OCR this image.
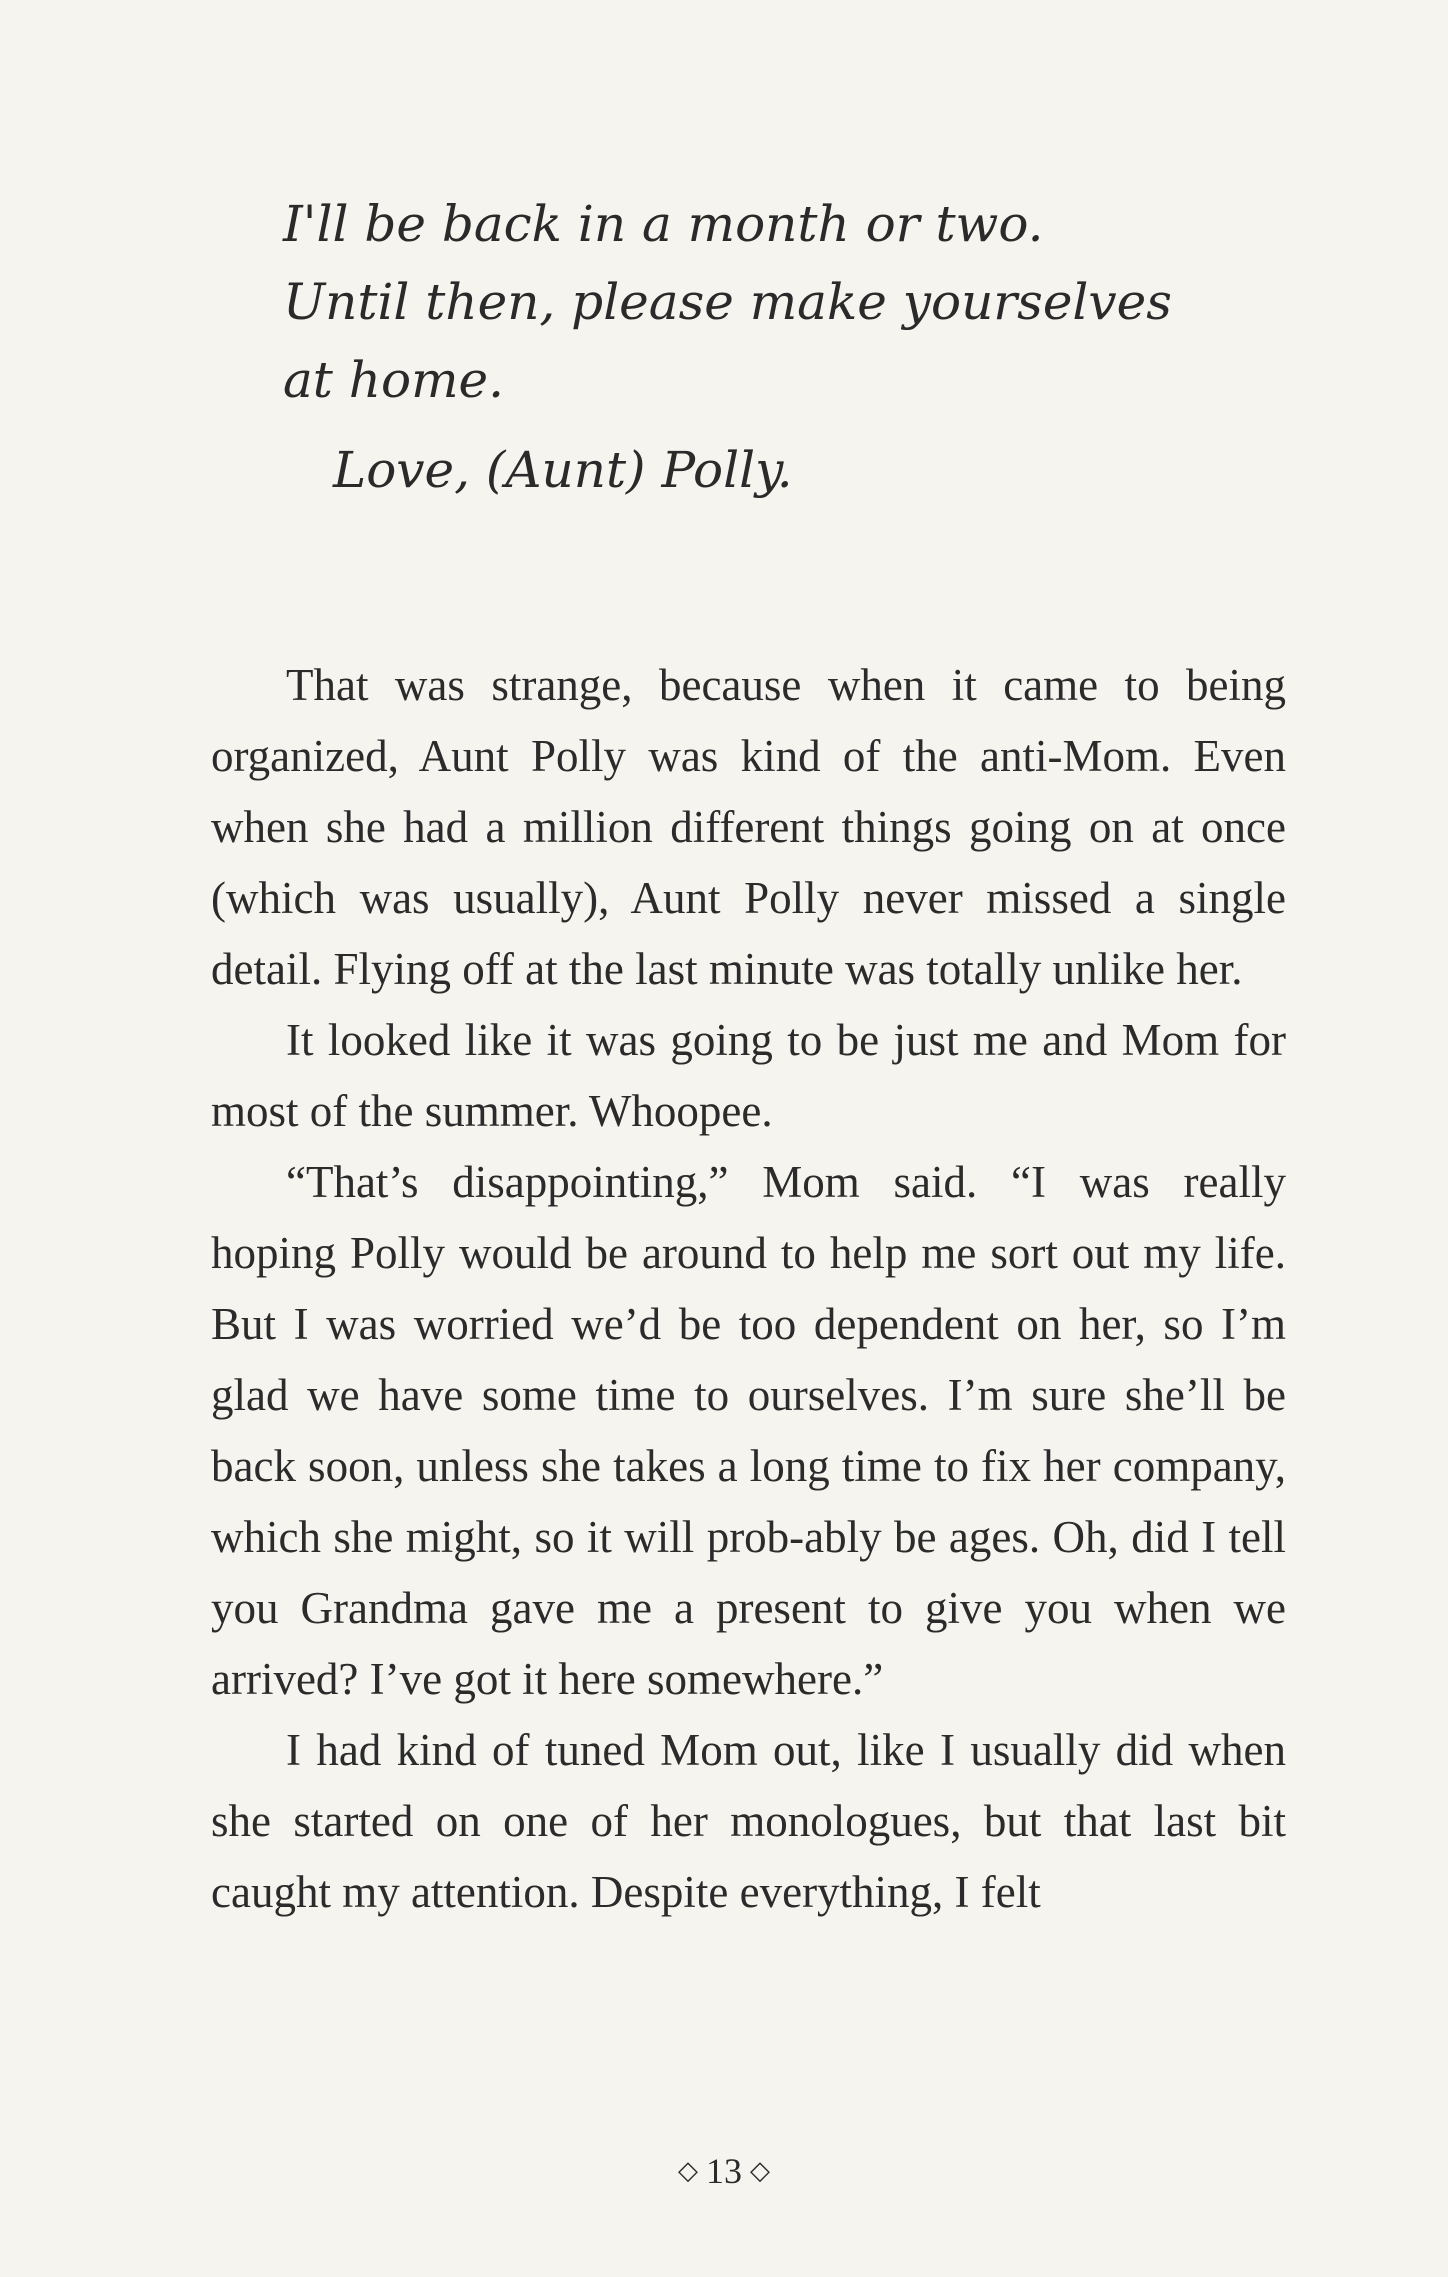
I'll be back in a month or two.
Until then, please make yourselves
at home.
Love, (Aunt) Polly.

That was strange, because when it came to being organized, Aunt Polly was kind of the anti-Mom. Even when she had a million different things going on at once (which was usually), Aunt Polly never missed a single detail. Flying off at the last minute was totally unlike her.

It looked like it was going to be just me and Mom for most of the summer. Whoopee.

“That’s disappointing,” Mom said. “I was really hoping Polly would be around to help me sort out my life. But I was worried we’d be too dependent on her, so I’m glad we have some time to ourselves. I’m sure she’ll be back soon, unless she takes a long time to fix her company, which she might, so it will prob-ably be ages. Oh, did I tell you Grandma gave me a present to give you when we arrived? I’ve got it here somewhere.”

I had kind of tuned Mom out, like I usually did when she started on one of her monologues, but that last bit caught my attention. Despite everything, I felt

◇ 13 ◇
